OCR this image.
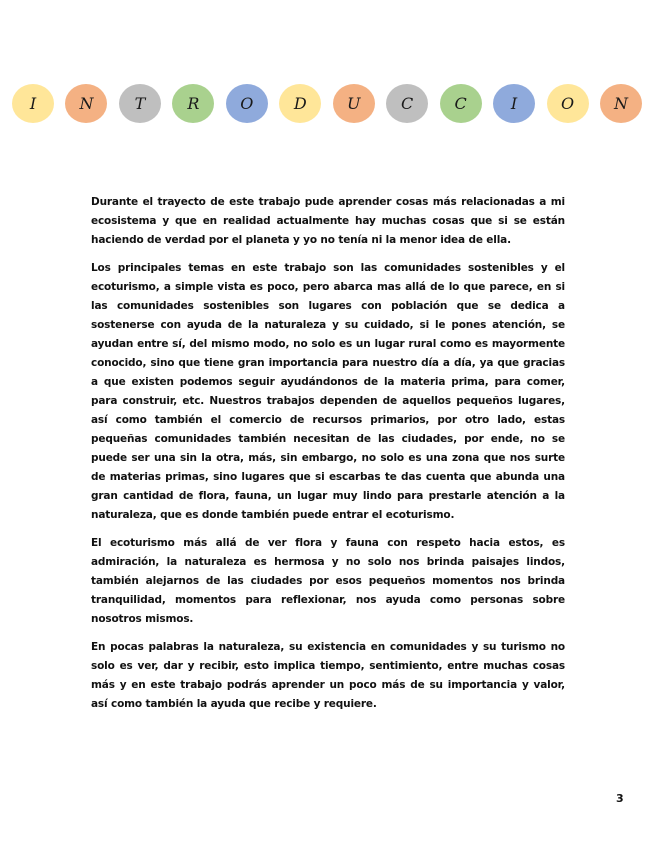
I	N	T	R	O	D	U	C	C	I	O	N

Durante el trayecto de este trabajo pude aprender cosas más relacionadas a mi ecosistema y que en realidad actualmente hay muchas cosas que si se están haciendo de verdad por el planeta y yo no tenía ni la menor idea de ella.

Los principales temas en este trabajo son las comunidades sostenibles y el ecoturismo, a simple vista es poco, pero abarca mas allá de lo que parece, en si las comunidades sostenibles son lugares con población que se dedica a sostenerse con ayuda de la naturaleza y su cuidado, si le pones atención, se ayudan entre sí, del mismo modo, no solo es un lugar rural como es mayormente conocido, sino que tiene gran importancia para nuestro día a día, ya que gracias a que existen podemos seguir ayudándonos de la materia prima, para comer, para construir, etc. Nuestros trabajos dependen de aquellos pequeños lugares, así como también el comercio de recursos primarios, por otro lado, estas pequeñas comunidades también necesitan de las ciudades, por ende, no se puede ser una sin la otra, más, sin embargo, no solo es una zona que nos surte de materias primas, sino lugares que si escarbas te das cuenta que abunda una gran cantidad de flora, fauna, un lugar muy lindo para prestarle atención a la naturaleza, que es donde también puede entrar el ecoturismo.

El ecoturismo más allá de ver flora y fauna con respeto hacia estos, es admiración, la naturaleza es hermosa y no solo nos brinda paisajes lindos, también alejarnos de las ciudades por esos pequeños momentos nos brinda tranquilidad, momentos para reflexionar, nos ayuda como personas sobre nosotros mismos.

En pocas palabras la naturaleza, su existencia en comunidades y su turismo no solo es ver, dar y recibir, esto implica tiempo, sentimiento, entre muchas cosas más y en este trabajo podrás aprender un poco más de su importancia y valor, así como también la ayuda que recibe y requiere.

3
